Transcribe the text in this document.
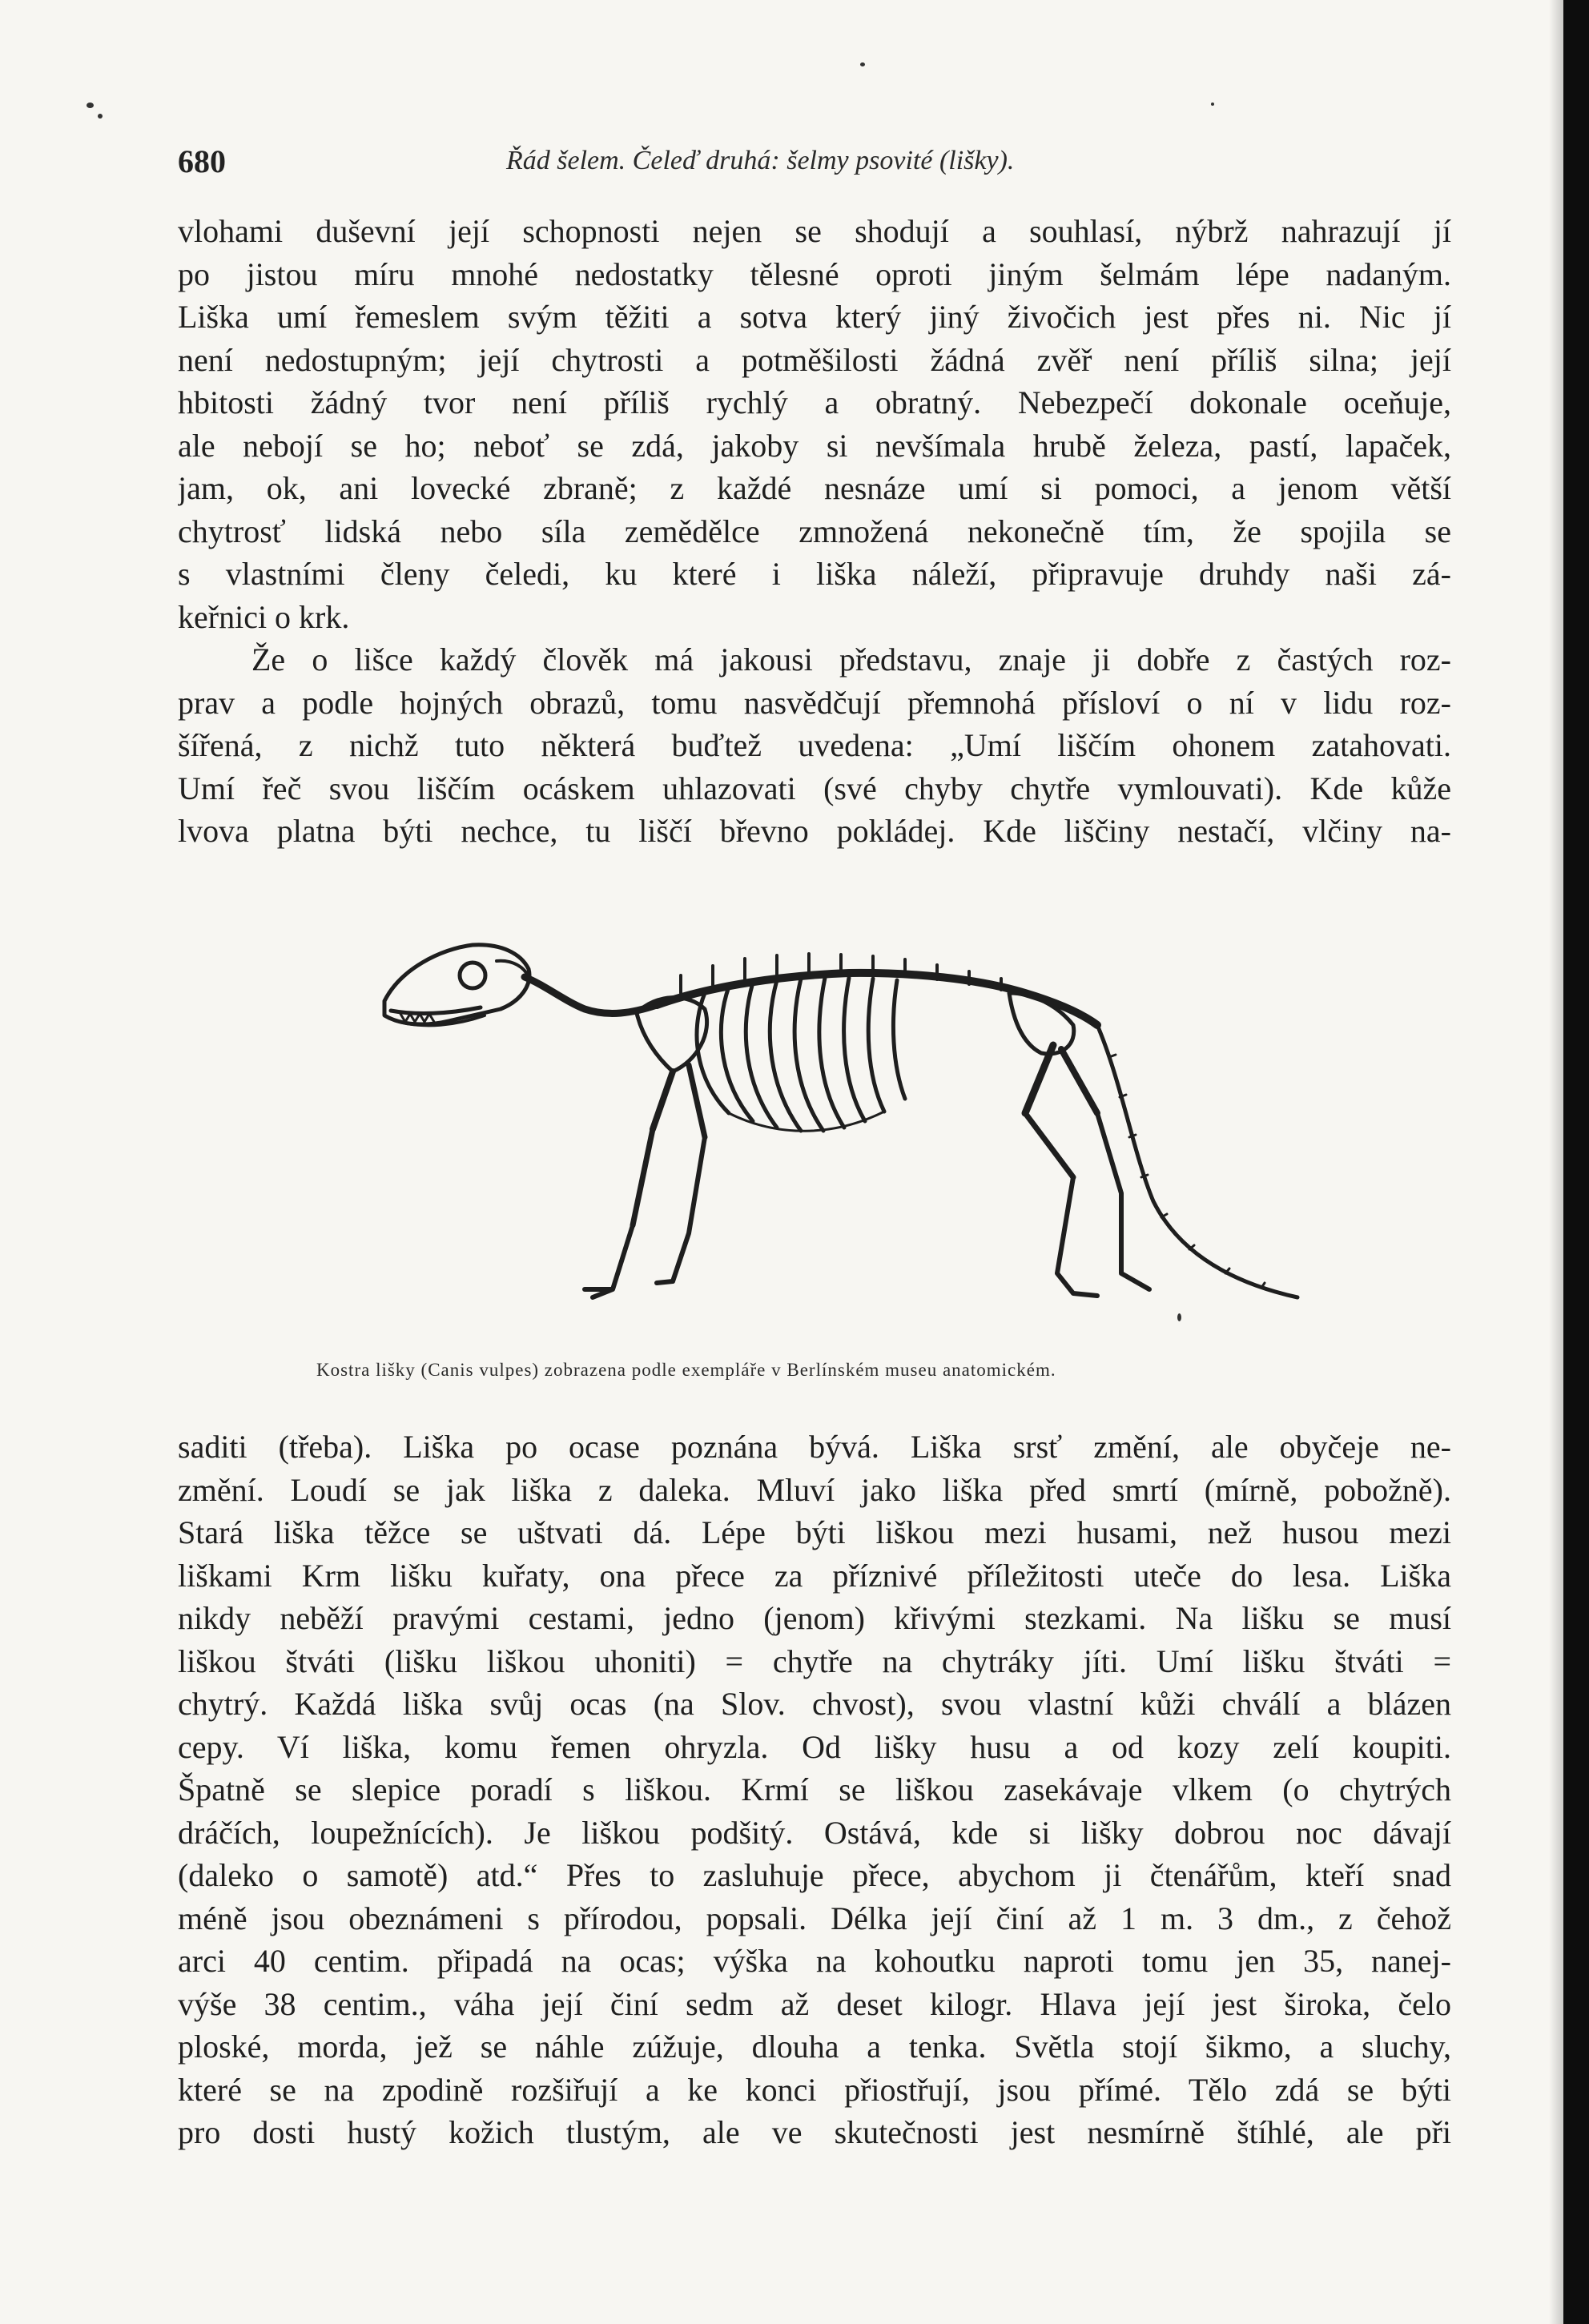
680	Řád šelem. Čeleď druhá: šelmy psovité (lišky).
vlohami duševní její schopnosti nejen se shodují a souhlasí, nýbrž nahrazují jí
po jistou míru mnohé nedostatky tělesné oproti jiným šelmám lépe nadaným.
Liška umí řemeslem svým těžiti a sotva který jiný živočich jest přes ni. Nic jí
není nedostupným; její chytrosti a potměšilosti žádná zvěř není příliš silna; její
hbitosti žádný tvor není příliš rychlý a obratný. Nebezpečí dokonale oceňuje,
ale nebojí se ho; neboť se zdá, jakoby si nevšímala hrubě železa, pastí, lapaček,
jam, ok, ani lovecké zbraně; z každé nesnáze umí si pomoci, a jenom větší
chytrosť lidská nebo síla zemědělce zmnožená nekonečně tím, že spojila se
s vlastními členy čeledi, ku které i liška náleží, připravuje druhdy naši zá-
keřnici o krk.
Že o lišce každý člověk má jakousi představu, znaje ji dobře z častých roz-
prav a podle hojných obrazů, tomu nasvědčují přemnohá přísloví o ní v lidu roz-
šířená, z nichž tuto některá buďtež uvedena: „Umí liščím ohonem zatahovati.
Umí řeč svou liščím ocáskem uhlazovati (své chyby chytře vymlouvati). Kde kůže
lvova platna býti nechce, tu liščí břevno pokládej. Kde liščiny nestačí, vlčiny na-
Kostra lišky (Canis vulpes) zobrazena podle exempláře v Berlínském museu anatomickém.
saditi (třeba). Liška po ocase poznána bývá. Liška srsť změní, ale obyčeje ne-
změní. Loudí se jak liška z daleka. Mluví jako liška před smrtí (mírně, pobožně).
Stará liška těžce se uštvati dá. Lépe býti liškou mezi husami, než husou mezi
liškami Krm lišku kuřaty, ona přece za příznivé příležitosti uteče do lesa. Liška
nikdy neběží pravými cestami, jedno (jenom) křivými stezkami. Na lišku se musí
liškou štváti (lišku liškou uhoniti) = chytře na chytráky jíti. Umí lišku štváti =
chytrý. Každá liška svůj ocas (na Slov. chvost), svou vlastní kůži chválí a blázen
cepy. Ví liška, komu řemen ohryzla. Od lišky husu a od kozy zelí koupiti.
Špatně se slepice poradí s liškou. Krmí se liškou zasekávaje vlkem (o chytrých
dráčích, loupežnících). Je liškou podšitý. Ostává, kde si lišky dobrou noc dávají
(daleko o samotě) atd.“ Přes to zasluhuje přece, abychom ji čtenářům, kteří snad
méně jsou obeznámeni s přírodou, popsali. Délka její činí až 1 m. 3 dm., z čehož
arci 40 centim. připadá na ocas; výška na kohoutku naproti tomu jen 35, nanej-
výše 38 centim., váha její činí sedm až deset kilogr. Hlava její jest široka, čelo
ploské, morda, jež se náhle zúžuje, dlouha a tenka. Světla stojí šikmo, a sluchy,
které se na zpodině rozšiřují a ke konci přiostřují, jsou přímé. Tělo zdá se býti
pro dosti hustý kožich tlustým, ale ve skutečnosti jest nesmírně štíhlé, ale při
